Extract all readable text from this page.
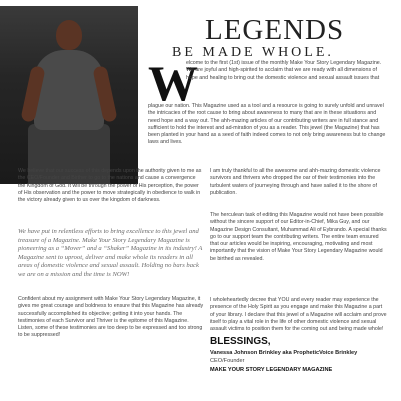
LEGENDS
BE MADE WHOLE.
W

elcome to the first (1st) issue of the monthly Make Your Story Legendary Magazine. We are joyful and high-spirited to acclaim that we are ready with all dimensions of hope and healing to bring out the domestic violence and sexual assault issues that

plague our nation. This Magazine used as a tool and a resource is going to surely unfold and unravel the intricacies of the root cause to bring about awareness to many that are in these situations and need hope and a way out. The ahh-mazing articles of our contributing writers are in full stance and sufficient to hold the interest and ad-miration of you as a reader. This jewel (the Magazine) that has been planted in your hand as a seed of faith indeed comes to not only bring awareness but to change laws and lives.

We believe that our success of this depends upon the authority given to me as the CEO/Founder and Birther to go to the nations and cause a convergence the Kingdom of God. It will be through the power of His perception, the power of His observation and the power to move strategically in obedience to walk in the victory already given to us over the kingdom of darkness.

We have put in relentless efforts to bring excellence to this jewel and treasure of a Magazine. Make Your Story Legendary Magazine is pioneering as a “Mover” and a “Shaker” Magazine in its industry! A Magazine sent to uproot, deliver and make whole its readers in all areas of domestic violence and sexual assault. Holding no bars back we are on a mission and the time is NOW!

Confident about my assignment with Make Your Story Legendary Magazine, it gives me great courage and boldness to ensure that this Magazine has already successfully accomplished its objective; getting it into your hands. The testimonies of each Survivor and Thriver is the epitome of this Magazine. Listen, some of these testimonies are too deep to be expressed and too strong to be suppressed!

I am truly thankful to all the awesome and ahh-mazing domestic violence survivors and thrivers who dropped the oar of their testimonies into the turbulent waters of journeying through and have sailed it to the shore of publication.

The herculean task of editing this Magazine would not have been possible without the sincere support of our Editor-in-Chief, Mika Guy, and our Magazine Design Consultant, Muhammad Ali of Eybrando. A special thanks go to our support team the contributing writers. The entire team ensured that our articles would be inspiring, encouraging, motivating and most importantly that the vision of Make Your Story Legendary Magazine would be birthed as revealed.

I wholeheartedly decree that YOU and every reader may experience the presence of the Holy Spirit as you engage and make this Magazine a part of your library. I declare that this jewel of a Magazine will acclaim and prove itself to play a vital role in the life of other domestic violence and sexual assault victims to position them for the coming out and being made whole!

BLESSINGS,

Vanessa Johnson Brinkley aka PropheticVoice Brinkley

CEO/Founder

MAKE YOUR STORY LEGENDARY MAGAZINE
